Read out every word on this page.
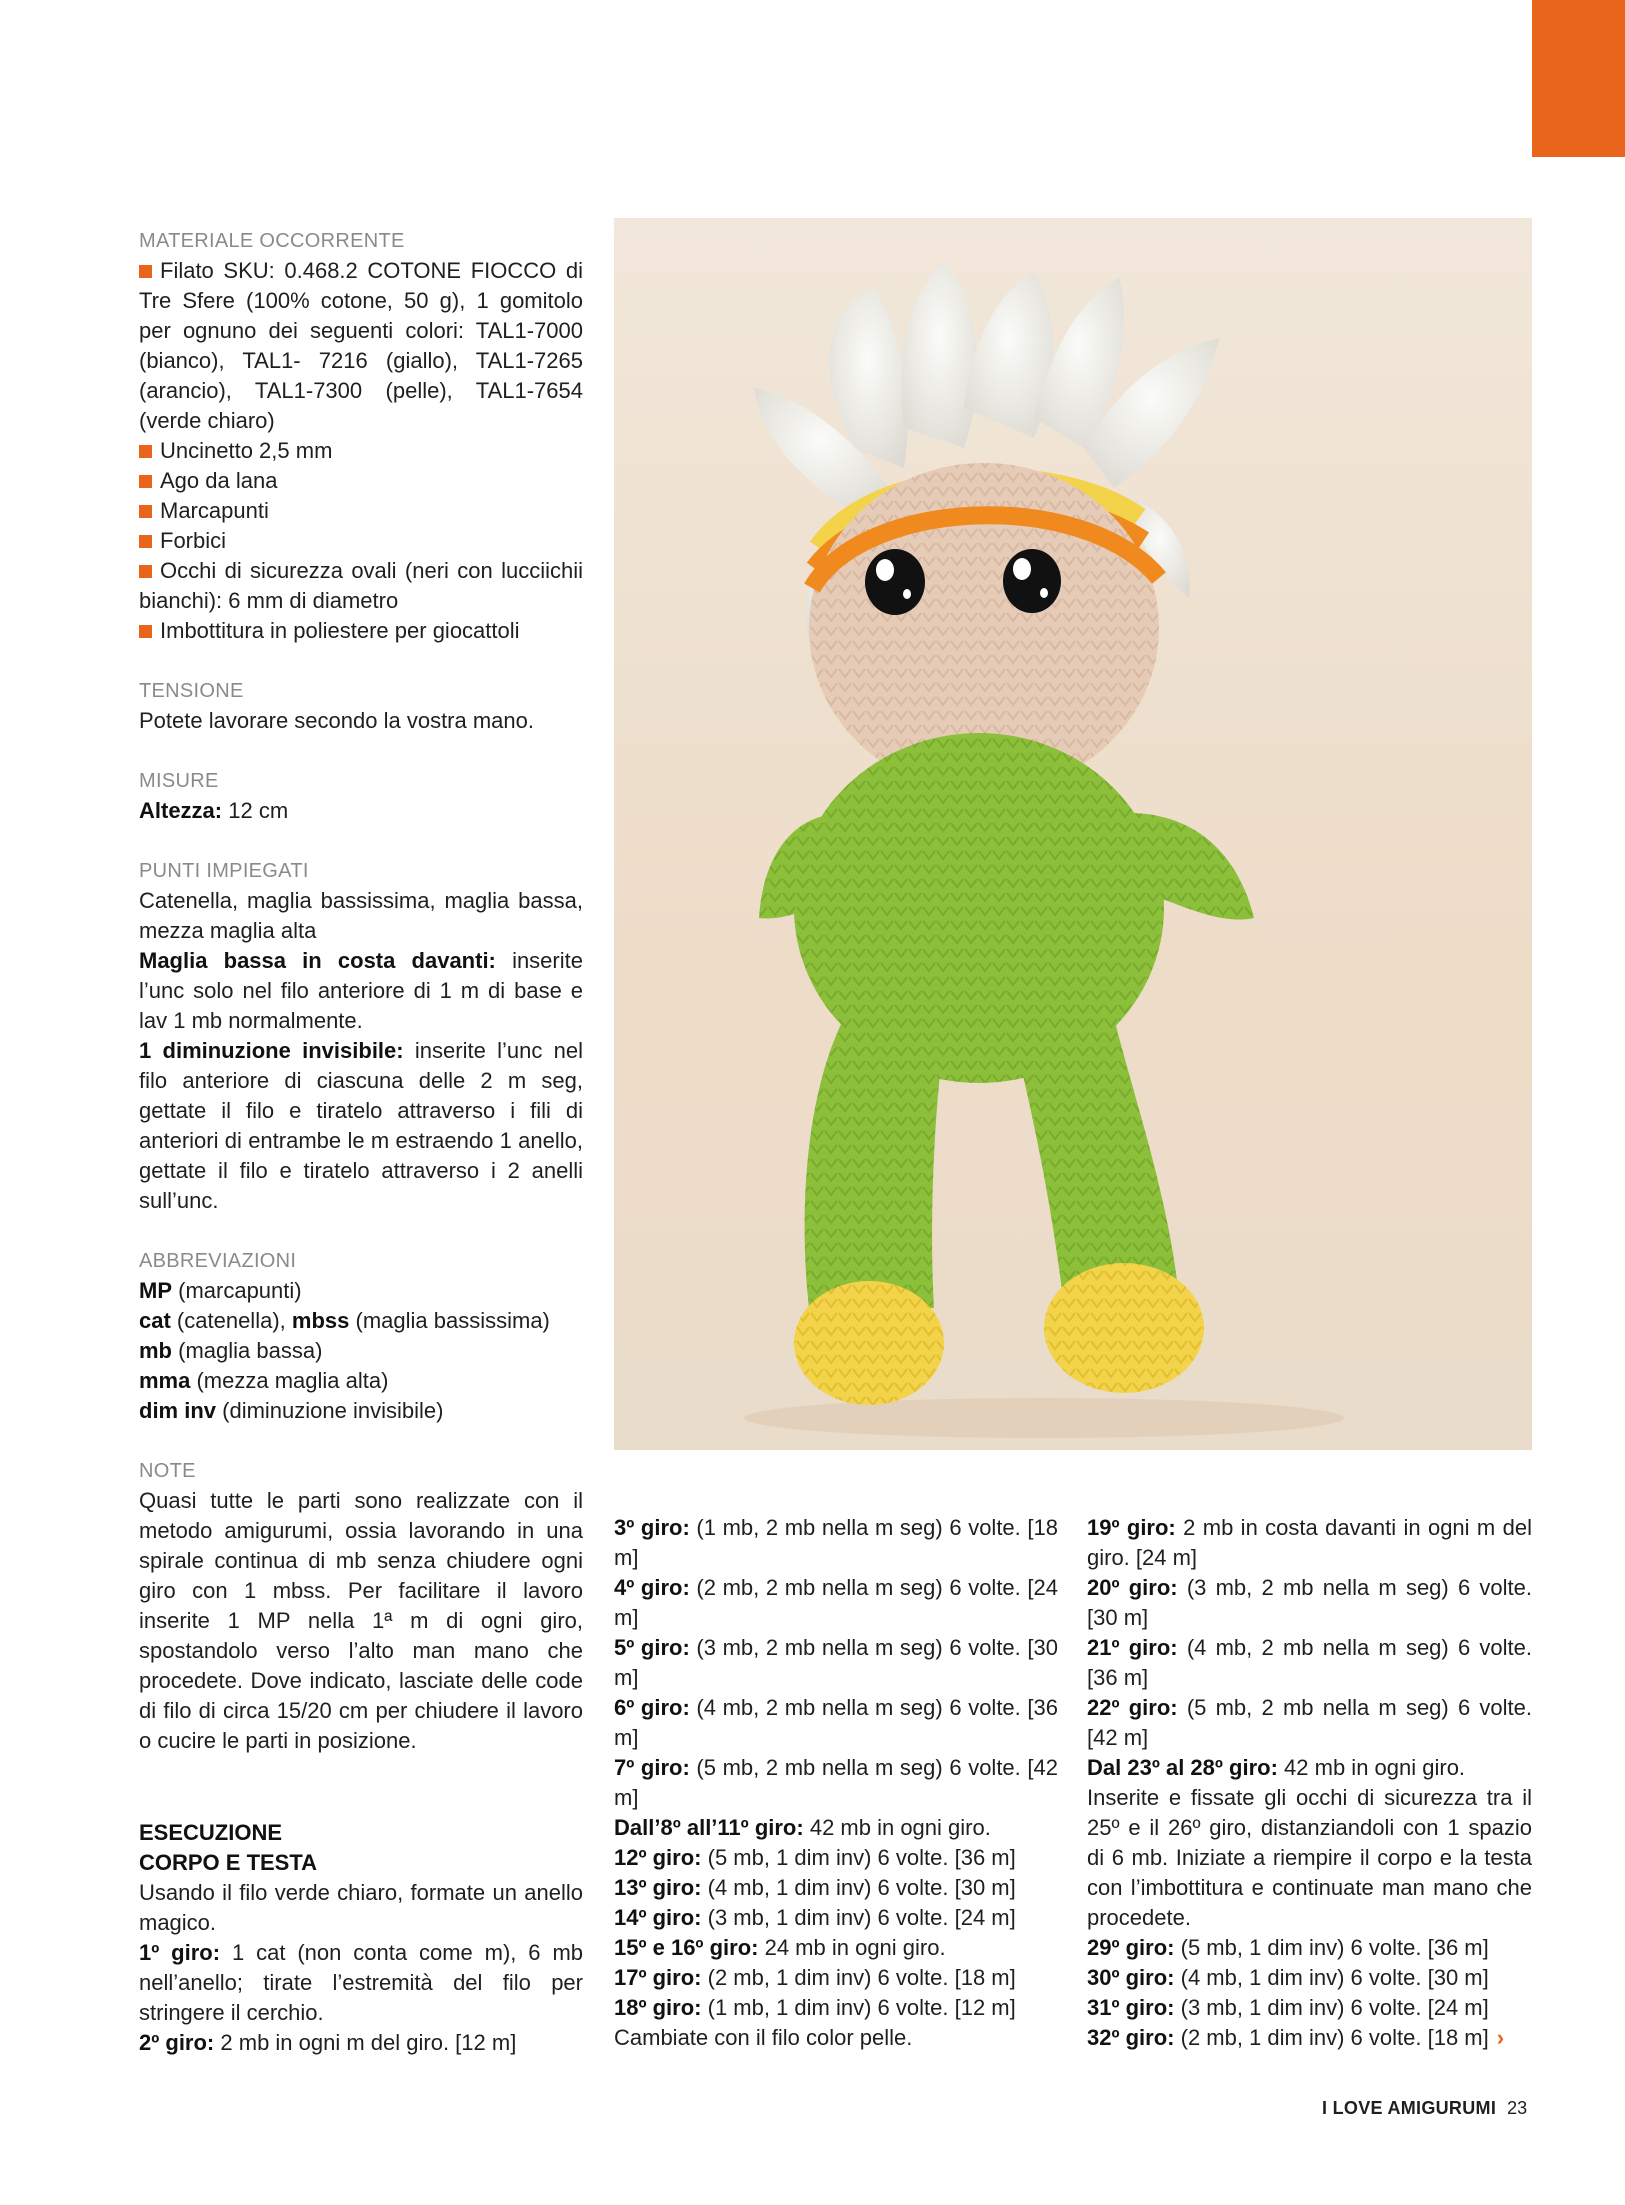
MATERIALE OCCORRENTE

Filato SKU: 0.468.2 COTONE FIOCCO di Tre Sfere (100% cotone, 50 g), 1 gomitolo per ognuno dei seguenti colori: TAL1-7000 (bianco), TAL1- 7216 (giallo), TAL1-7265 (arancio), TAL1-7300 (pelle), TAL1-7654 (verde chiaro)

Uncinetto 2,5 mm

Ago da lana

Marcapunti

Forbici

Occhi di sicurezza ovali (neri con lucciichii bianchi): 6 mm di diametro

Imbottitura in poliestere per giocattoli

TENSIONE

Potete lavorare secondo la vostra mano.

MISURE

Altezza: 12 cm

PUNTI IMPIEGATI

Catenella, maglia bassissima, maglia bassa, mezza maglia alta

Maglia bassa in costa davanti: inserite l’unc solo nel filo anteriore di 1 m di base e lav 1 mb normalmente.

1 diminuzione invisibile: inserite l’unc nel filo anteriore di ciascuna delle 2 m seg, gettate il filo e tiratelo attraverso i fili di anteriori di entrambe le m estraendo 1 anello, gettate il filo e tiratelo attraverso i 2 anelli sull’unc.

ABBREVIAZIONI

MP (marcapunti)

cat (catenella), mbss (maglia bassissima)

mb (maglia bassa)

mma (mezza maglia alta)

dim inv (diminuzione invisibile)

NOTE

Quasi tutte le parti sono realizzate con il metodo amigurumi, ossia lavorando in una spirale continua di mb senza chiudere ogni giro con 1 mbss. Per facilitare il lavoro inserite 1 MP nella 1ª m di ogni giro, spostandolo verso l’alto man mano che procedete. Dove indicato, lasciate delle code di filo di circa 15/20 cm per chiudere il lavoro o cucire le parti in posizione.

ESECUZIONE

CORPO E TESTA

Usando il filo verde chiaro, formate un anello magico.

1º giro: 1 cat (non conta come m), 6 mb nell’anello; tirate l’estremità del filo per stringere il cerchio.

2º giro: 2 mb in ogni m del giro. [12 m]

3º giro: (1 mb, 2 mb nella m seg) 6 volte. [18 m]

4º giro: (2 mb, 2 mb nella m seg) 6 volte. [24 m]

5º giro: (3 mb, 2 mb nella m seg) 6 volte. [30 m]

6º giro: (4 mb, 2 mb nella m seg) 6 volte. [36 m]

7º giro: (5 mb, 2 mb nella m seg) 6 volte. [42 m]

Dall’8º all’11º giro: 42 mb in ogni giro.

12º giro: (5 mb, 1 dim inv) 6 volte. [36 m]

13º giro: (4 mb, 1 dim inv) 6 volte. [30 m]

14º giro: (3 mb, 1 dim inv) 6 volte. [24 m]

15º e 16º giro: 24 mb in ogni giro.

17º giro: (2 mb, 1 dim inv) 6 volte. [18 m]

18º giro: (1 mb, 1 dim inv) 6 volte. [12 m]

Cambiate con il filo color pelle.

19º giro: 2 mb in costa davanti in ogni m del giro. [24 m]

20º giro: (3 mb, 2 mb nella m seg) 6 volte. [30 m]

21º giro: (4 mb, 2 mb nella m seg) 6 volte. [36 m]

22º giro: (5 mb, 2 mb nella m seg) 6 volte. [42 m]

Dal 23º al 28º giro: 42 mb in ogni giro.

Inserite e fissate gli occhi di sicurezza tra il 25º e il 26º giro, distanziandoli con 1 spazio di 6 mb. Iniziate a riempire il corpo e la testa con l’imbottitura e continuate man mano che procedete.

29º giro: (5 mb, 1 dim inv) 6 volte. [36 m]

30º giro: (4 mb, 1 dim inv) 6 volte. [30 m]

31º giro: (3 mb, 1 dim inv) 6 volte. [24 m]

32º giro: (2 mb, 1 dim inv) 6 volte. [18 m] ›

I LOVE AMIGURUMI 23
